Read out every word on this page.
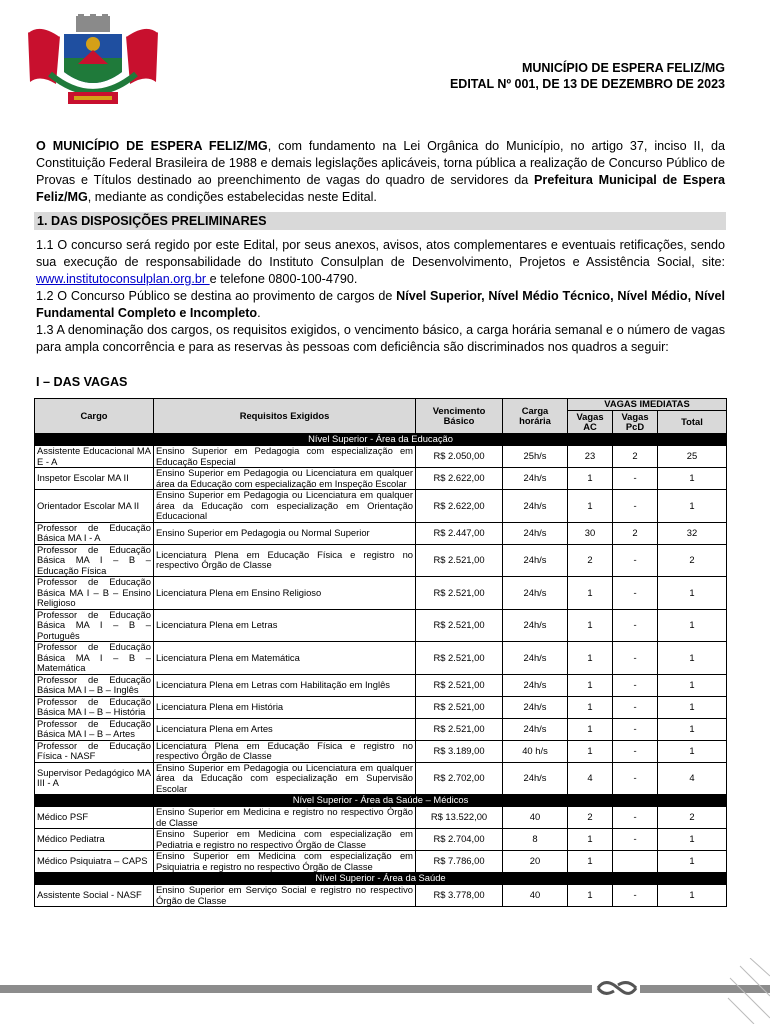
MUNICÍPIO DE ESPERA FELIZ/MG
EDITAL Nº 001, DE 13 DE DEZEMBRO DE 2023
O MUNICÍPIO DE ESPERA FELIZ/MG, com fundamento na Lei Orgânica do Município, no artigo 37, inciso II, da Constituição Federal Brasileira de 1988 e demais legislações aplicáveis, torna pública a realização de Concurso Público de Provas e Títulos destinado ao preenchimento de vagas do quadro de servidores da Prefeitura Municipal de Espera Feliz/MG, mediante as condições estabelecidas neste Edital.
1. DAS DISPOSIÇÕES PRELIMINARES
1.1 O concurso será regido por este Edital, por seus anexos, avisos, atos complementares e eventuais retificações, sendo sua execução de responsabilidade do Instituto Consulplan de Desenvolvimento, Projetos e Assistência Social, site: www.institutoconsulplan.org.br e telefone 0800-100-4790.
1.2 O Concurso Público se destina ao provimento de cargos de Nível Superior, Nível Médio Técnico, Nível Médio, Nível Fundamental Completo e Incompleto.
1.3 A denominação dos cargos, os requisitos exigidos, o vencimento básico, a carga horária semanal e o número de vagas para ampla concorrência e para as reservas às pessoas com deficiência são discriminados nos quadros a seguir:
I – DAS VAGAS
Cargo	Requisitos Exigidos	Vencimento Básico	Carga horária	VAGAS IMEDIATAS		
				Vagas AC	Vagas PcD	Total
Nível Superior - Área da Educação						
Assistente Educacional MA E - A	Ensino Superior em Pedagogia com especialização em Educação Especial	R$ 2.050,00	25h/s	23	2	25
Inspetor Escolar MA II	Ensino Superior em Pedagogia ou Licenciatura em qualquer área da Educação com especialização em Inspeção Escolar	R$ 2.622,00	24h/s	1	-	1
Orientador Escolar MA II	Ensino Superior em Pedagogia ou Licenciatura em qualquer área da Educação com especialização em Orientação Educacional	R$ 2.622,00	24h/s	1	-	1
Professor de Educação Básica MA I - A	Ensino Superior em Pedagogia ou Normal Superior	R$ 2.447,00	24h/s	30	2	32
Professor de Educação Básica MA I – B – Educação Física	Licenciatura Plena em Educação Física e registro no respectivo Órgão de Classe	R$ 2.521,00	24h/s	2	-	2
Professor de Educação Básica MA I – B – Ensino Religioso	Licenciatura Plena em Ensino Religioso	R$ 2.521,00	24h/s	1	-	1
Professor de Educação Básica MA I – B – Português	Licenciatura Plena em Letras	R$ 2.521,00	24h/s	1	-	1
Professor de Educação Básica MA I – B – Matemática	Licenciatura Plena em Matemática	R$ 2.521,00	24h/s	1	-	1
Professor de Educação Básica MA I – B – Inglês	Licenciatura Plena em Letras com Habilitação em Inglês	R$ 2.521,00	24h/s	1	-	1
Professor de Educação Básica MA I – B – História	Licenciatura Plena em História	R$ 2.521,00	24h/s	1	-	1
Professor de Educação Básica MA I – B – Artes	Licenciatura Plena em Artes	R$ 2.521,00	24h/s	1	-	1
Professor de Educação Física - NASF	Licenciatura Plena em Educação Física e registro no respectivo Órgão de Classe	R$ 3.189,00	40 h/s	1	-	1
Supervisor Pedagógico MA III - A	Ensino Superior em Pedagogia ou Licenciatura em qualquer área da Educação com especialização em Supervisão Escolar	R$ 2.702,00	24h/s	4	-	4
Nível Superior - Área da Saúde – Médicos						
Médico PSF	Ensino Superior em Medicina e registro no respectivo Órgão de Classe	R$ 13.522,00	40	2	-	2
Médico Pediatra	Ensino Superior em Medicina com especialização em Pediatria e registro no respectivo Órgão de Classe	R$ 2.704,00	8	1	-	1
Médico Psiquiatra – CAPS	Ensino Superior em Medicina com especialização em Psiquiatria e registro no respectivo Órgão de Classe	R$ 7.786,00	20	1		1
Nível Superior - Área da Saúde						
Assistente Social - NASF	Ensino Superior em Serviço Social e registro no respectivo Órgão de Classe	R$ 3.778,00	40	1	-	1
